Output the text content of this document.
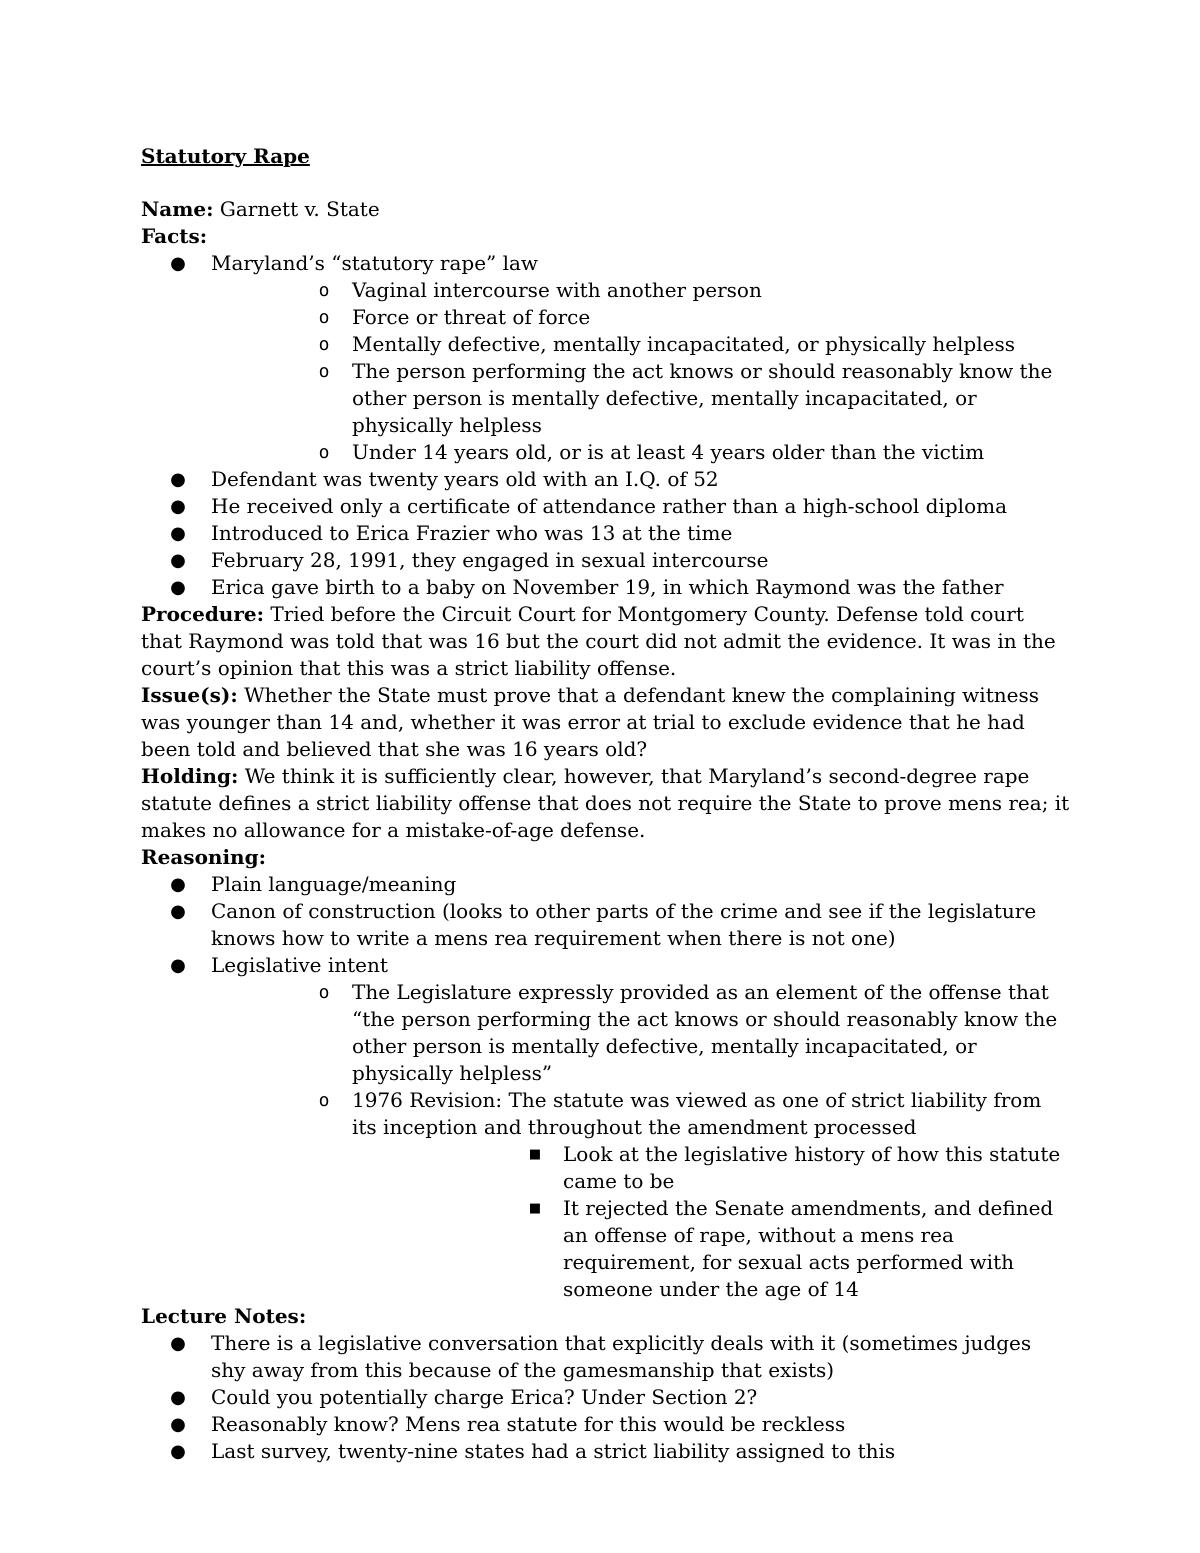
Statutory Rape
Name: Garnett v. State
Facts:
● Maryland’s “statutory rape” law
o Vaginal intercourse with another person
o Force or threat of force
o Mentally defective, mentally incapacitated, or physically helpless
o The person performing the act knows or should reasonably know the other person is mentally defective, mentally incapacitated, or physically helpless
o Under 14 years old, or is at least 4 years older than the victim
● Defendant was twenty years old with an I.Q. of 52
● He received only a certificate of attendance rather than a high-school diploma
● Introduced to Erica Frazier who was 13 at the time
● February 28, 1991, they engaged in sexual intercourse
● Erica gave birth to a baby on November 19, in which Raymond was the father
Procedure: Tried before the Circuit Court for Montgomery County. Defense told court that Raymond was told that was 16 but the court did not admit the evidence. It was in the court’s opinion that this was a strict liability offense.
Issue(s): Whether the State must prove that a defendant knew the complaining witness was younger than 14 and, whether it was error at trial to exclude evidence that he had been told and believed that she was 16 years old?
Holding: We think it is sufficiently clear, however, that Maryland’s second-degree rape statute defines a strict liability offense that does not require the State to prove mens rea; it makes no allowance for a mistake-of-age defense.
Reasoning:
● Plain language/meaning
● Canon of construction (looks to other parts of the crime and see if the legislature knows how to write a mens rea requirement when there is not one)
● Legislative intent
o The Legislature expressly provided as an element of the offense that “the person performing the act knows or should reasonably know the other person is mentally defective, mentally incapacitated, or physically helpless”
o 1976 Revision: The statute was viewed as one of strict liability from its inception and throughout the amendment processed
■ Look at the legislative history of how this statute came to be
■ It rejected the Senate amendments, and defined an offense of rape, without a mens rea requirement, for sexual acts performed with someone under the age of 14
Lecture Notes:
● There is a legislative conversation that explicitly deals with it (sometimes judges shy away from this because of the gamesmanship that exists)
● Could you potentially charge Erica? Under Section 2?
● Reasonably know? Mens rea statute for this would be reckless
● Last survey, twenty-nine states had a strict liability assigned to this
